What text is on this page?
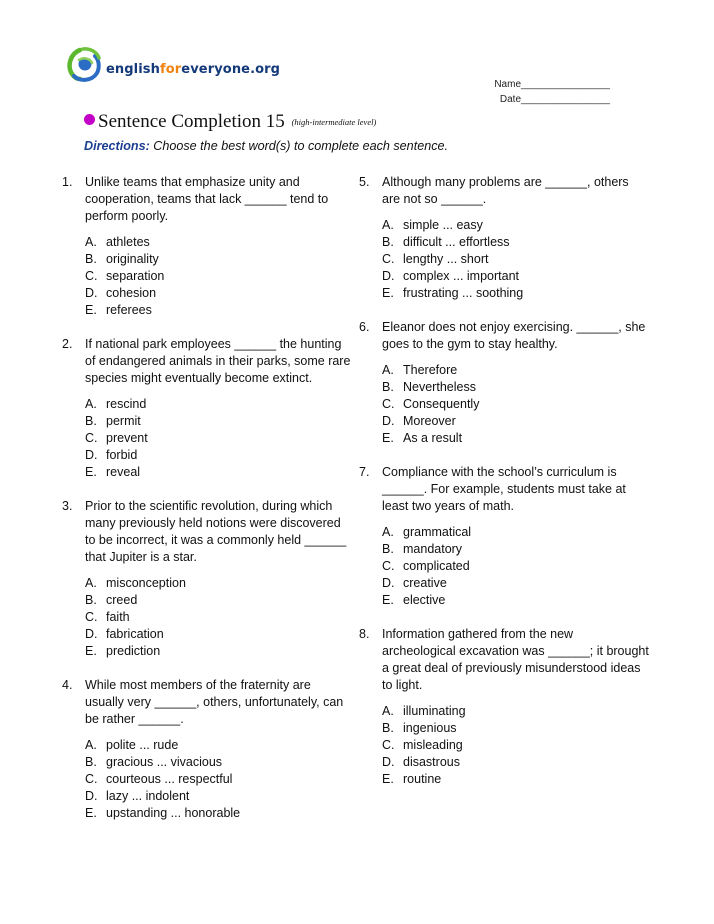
englishforeveryone.org
Name________________
Date________________
Sentence Completion 15 (high-intermediate level)
Directions: Choose the best word(s) to complete each sentence.
1. Unlike teams that emphasize unity and cooperation, teams that lack ______ tend to perform poorly.
A. athletes
B. originality
C. separation
D. cohesion
E. referees
2. If national park employees ______ the hunting of endangered animals in their parks, some rare species might eventually become extinct.
A. rescind
B. permit
C. prevent
D. forbid
E. reveal
3. Prior to the scientific revolution, during which many previously held notions were discovered to be incorrect, it was a commonly held ______ that Jupiter is a star.
A. misconception
B. creed
C. faith
D. fabrication
E. prediction
4. While most members of the fraternity are usually very ______, others, unfortunately, can be rather ______.
A. polite ... rude
B. gracious ... vivacious
C. courteous ... respectful
D. lazy ... indolent
E. upstanding ... honorable
5. Although many problems are ______, others are not so ______.
A. simple ... easy
B. difficult ... effortless
C. lengthy ... short
D. complex ... important
E. frustrating ... soothing
6. Eleanor does not enjoy exercising. ______, she goes to the gym to stay healthy.
A. Therefore
B. Nevertheless
C. Consequently
D. Moreover
E. As a result
7. Compliance with the school’s curriculum is ______. For example, students must take at least two years of math.
A. grammatical
B. mandatory
C. complicated
D. creative
E. elective
8. Information gathered from the new archeological excavation was ______; it brought a great deal of previously misunderstood ideas to light.
A. illuminating
B. ingenious
C. misleading
D. disastrous
E. routine
